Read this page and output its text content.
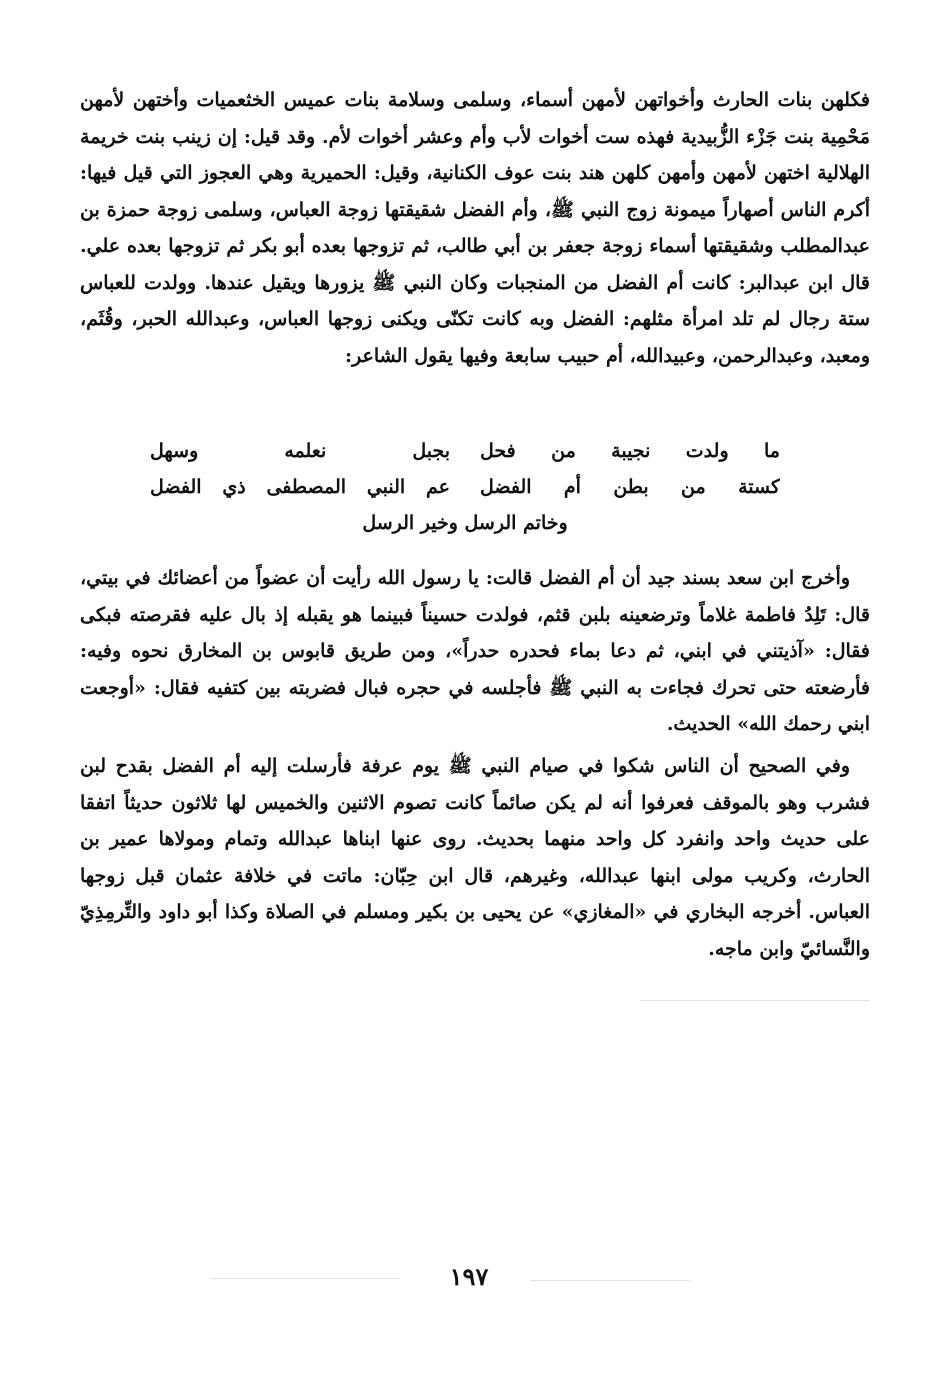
فكلهن بنات الحارث وأخواتهن لأمهن أسماء، وسلمى وسلامة بنات عميس الخثعميات وأختهن لأمهن مَحْمِية بنت جَزْء الزُّبيدية فهذه ست أخوات لأب وأم وعشر أخوات لأم. وقد قيل: إن زينب بنت خريمة الهلالية اختهن لأمهن وأمهن كلهن هند بنت عوف الكنانية، وقيل: الحميرية وهي العجوز التي قيل فيها: أكرم الناس أصهاراً ميمونة زوج النبي ﷺ، وأم الفضل شقيقتها زوجة العباس، وسلمى زوجة حمزة بن عبدالمطلب وشقيقتها أسماء زوجة جعفر بن أبي طالب، ثم تزوجها بعده أبو بكر ثم تزوجها بعده علي. قال ابن عبدالبر: كانت أم الفضل من المنجبات وكان النبي ﷺ يزورها ويقيل عندها. وولدت للعباس ستة رجال لم تلد امرأة مثلهم: الفضل وبه كانت تكنّى ويكنى زوجها العباس، وعبدالله الحبر، وقُثَم، ومعبد، وعبدالرحمن، وعبيدالله، أم حبيب سابعة وفيها يقول الشاعر:

ما ولدت نجيبة من فحل
بجبل نعلمه وسهل
كستة من بطن أم الفضل
عم النبي المصطفى ذي الفضل
وخاتم الرسل وخير الرسل

وأخرج ابن سعد بسند جيد أن أم الفضل قالت: يا رسول الله رأيت أن عضواً من أعضائك في بيتي، قال: تَلِدُ فاطمة غلاماً وترضعينه بلبن قثم، فولدت حسيناً فبينما هو يقبله إذ بال عليه فقرصته فبكى فقال: «آذيتني في ابني، ثم دعا بماء فحدره حدراً»، ومن طريق قابوس بن المخارق نحوه وفيه: فأرضعته حتى تحرك فجاءت به النبي ﷺ فأجلسه في حجره فبال فضربته بين كتفيه فقال: «أوجعت ابني رحمك الله» الحديث.

وفي الصحيح أن الناس شكوا في صيام النبي ﷺ يوم عرفة فأرسلت إليه أم الفضل بقدح لبن فشرب وهو بالموقف فعرفوا أنه لم يكن صائماً كانت تصوم الاثنين والخميس لها ثلاثون حديثاً اتفقا على حديث واحد وانفرد كل واحد منهما بحديث. روى عنها ابناها عبدالله وتمام ومولاها عمير بن الحارث، وكريب مولى ابنها عبدالله، وغيرهم، قال ابن حِبّان: ماتت في خلافة عثمان قبل زوجها العباس. أخرجه البخاري في «المغازي» عن يحيى بن بكير ومسلم في الصلاة وكذا أبو داود والتِّرمِذِيّ والنَّسائيّ وابن ماجه.

١٩٧
